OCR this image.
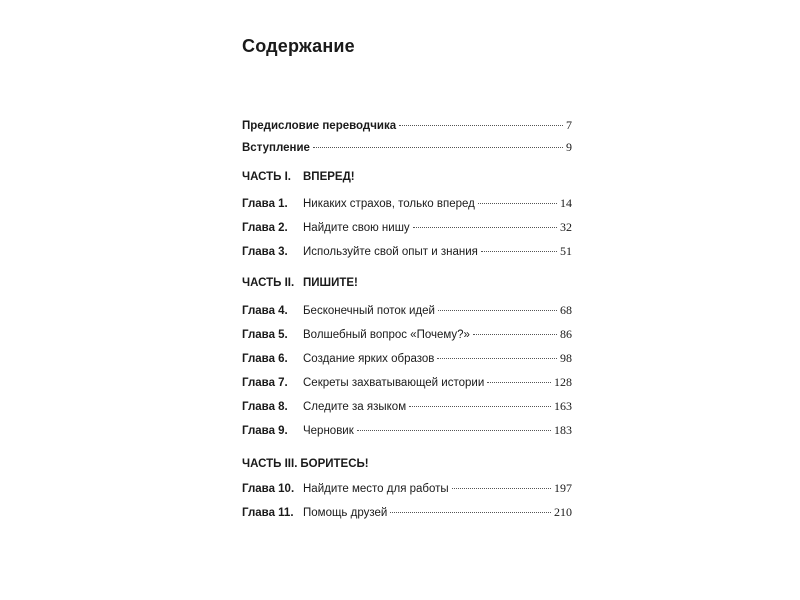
Содержание
Предисловие переводчика	7
Вступление	9
ЧАСТЬ I. ВПЕРЕД!
Глава 1.	Никаких страхов, только вперед	14
Глава 2.	Найдите свою нишу	32
Глава 3.	Используйте свой опыт и знания	51
ЧАСТЬ II. ПИШИТЕ!
Глава 4.	Бесконечный поток идей	68
Глава 5.	Волшебный вопрос «Почему?»	86
Глава 6.	Создание ярких образов	98
Глава 7.	Секреты захватывающей истории	128
Глава 8.	Следите за языком	163
Глава 9.	Черновик	183
ЧАСТЬ III. БОРИТЕСЬ!
Глава 10. Найдите место для работы	197
Глава 11. Помощь друзей	210
